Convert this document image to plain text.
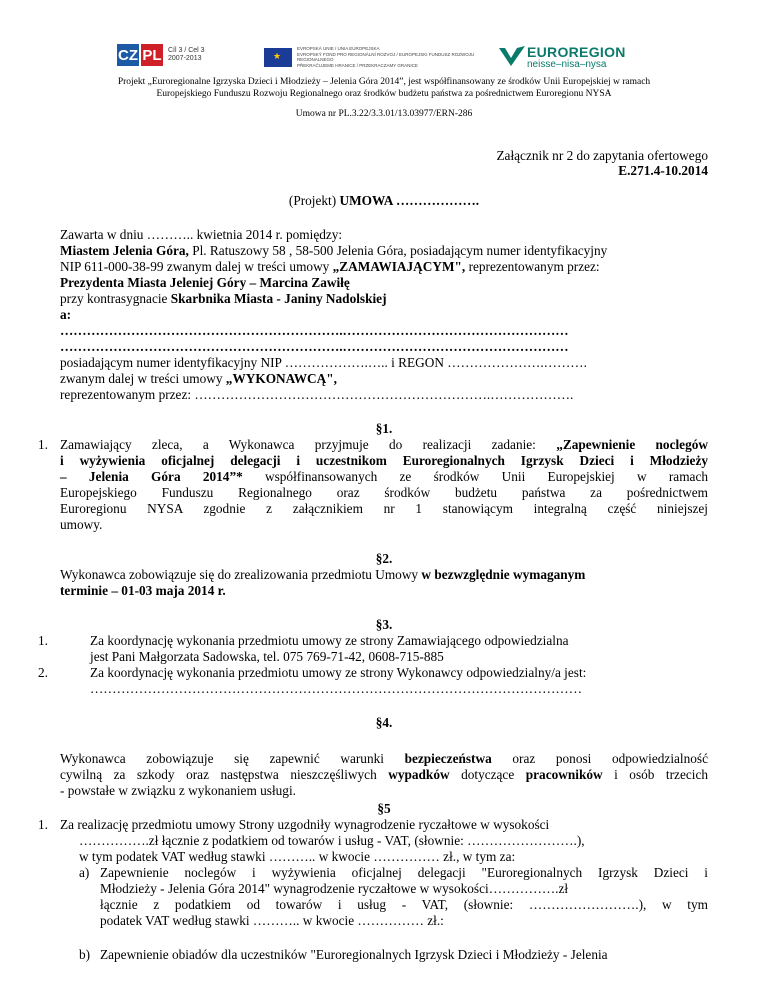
CZ PL Cíl 3 / Cel 3
2007-2013
★
EVROPSKÁ UNIE / UNIA EUROPEJSKA
EVROPSKÝ FOND PRO REGIONÁLNÍ ROZVOJ / EUROPEJSKI FUNDUSZ ROZWOJU REGIONALNEGO
PŘEKRAČUJEME HRANICE / PRZEKRACZAMY GRANICE
EUROREGION
neisse–nisa–nysa
Projekt „Euroregionalne Igrzyska Dzieci i Młodzieży – Jelenia Góra 2014”, jest współfinansowany ze środków Unii Europejskiej w ramach
Europejskiego Funduszu Rozwoju Regionalnego oraz środków budżetu państwa za pośrednictwem Euroregionu NYSA
Umowa nr PL.3.22/3.3.01/13.03977/ERN-286
Załącznik nr 2 do zapytania ofertowego
E.271.4-10.2014
(Projekt) UMOWA ……………….
Zawarta w dniu ……….. kwietnia 2014 r. pomiędzy:
Miastem Jelenia Góra, Pl. Ratuszowy 58 , 58-500 Jelenia Góra, posiadającym numer identyfikacyjny
NIP 611-000-38-99 zwanym dalej w treści umowy „ZAMAWIAJĄCYM", reprezentowanym przez:
Prezydenta Miasta Jeleniej Góry – Marcina Zawiłę
przy kontrasygnacie Skarbnika Miasta - Janiny Nadolskiej
a:
……………………………………………………….……………………………………………
……………………………………………………….……………………………………………
posiadającym numer identyfikacyjny NIP ……………….….. i REGON ………………….……….
zwanym dalej w treści umowy „WYKONAWCĄ",
reprezentowanym przez: ………………………………………………………….……………….
§1.
1. Zamawiający zleca, a Wykonawca przyjmuje do realizacji zadanie: „Zapewnienie noclegów
i wyżywienia oficjalnej delegacji i uczestnikom Euroregionalnych Igrzysk Dzieci i Młodzieży
– Jelenia Góra 2014”* współfinansowanych ze środków Unii Europejskiej w ramach
Europejskiego Funduszu Regionalnego oraz środków budżetu państwa za pośrednictwem
Euroregionu NYSA zgodnie z załącznikiem nr 1 stanowiącym integralną część niniejszej
umowy.
§2.
Wykonawca zobowiązuje się do zrealizowania przedmiotu Umowy w bezwzględnie wymaganym
terminie – 01-03 maja 2014 r.
§3.
1.	Za koordynację wykonania przedmiotu umowy ze strony Zamawiającego odpowiedzialna
jest Pani Małgorzata Sadowska, tel. 075 769-71-42, 0608-715-885
2.	Za koordynację wykonania przedmiotu umowy ze strony Wykonawcy odpowiedzialny/a jest:
…………………………………………………………………………………………………
§4.
Wykonawca zobowiązuje się zapewnić warunki bezpieczeństwa oraz ponosi odpowiedzialność
cywilną za szkody oraz następstwa nieszczęśliwych wypadków dotyczące pracowników i osób trzecich
- powstałe w związku z wykonaniem usługi.
§5
1. Za realizację przedmiotu umowy Strony uzgodniły wynagrodzenie ryczałtowe w wysokości
…………….zł łącznie z podatkiem od towarów i usług - VAT, (słownie: …………………….),
w tym podatek VAT według stawki ……….. w kwocie …………… zł., w tym za:
a) Zapewnienie noclegów i wyżywienia oficjalnej delegacji "Euroregionalnych Igrzysk Dzieci i
Młodzieży - Jelenia Góra 2014" wynagrodzenie ryczałtowe w wysokości…………….zł
łącznie z podatkiem od towarów i usług - VAT, (słownie: …………………….), w tym
podatek VAT według stawki ……….. w kwocie …………… zł.:
b) Zapewnienie obiadów dla uczestników "Euroregionalnych Igrzysk Dzieci i Młodzieży - Jelenia
